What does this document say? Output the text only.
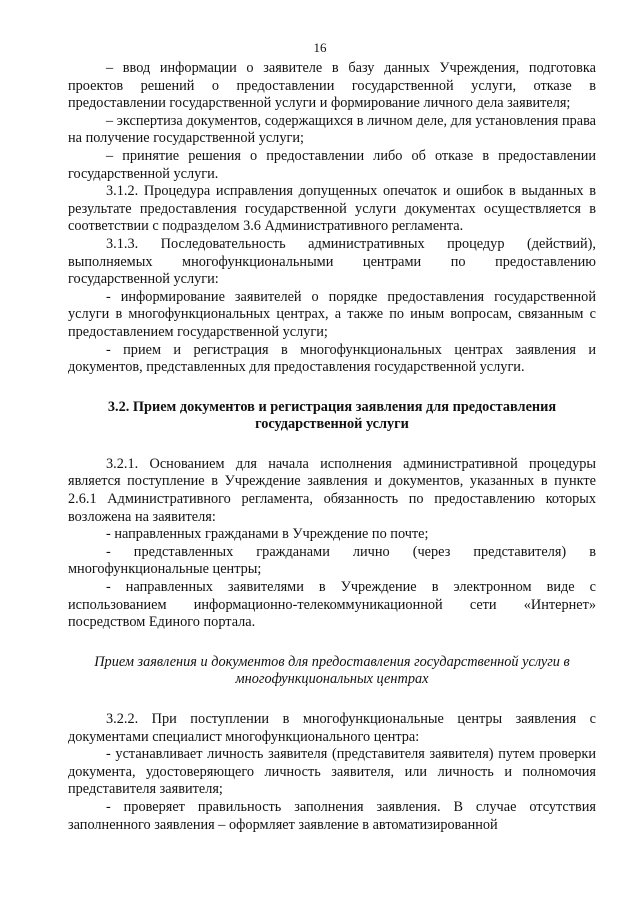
16

– ввод информации о заявителе в базу данных Учреждения, подготовка проектов решений о предоставлении государственной услуги, отказе в предоставлении государственной услуги и формирование личного дела заявителя;

– экспертиза документов, содержащихся в личном деле, для установления права на получение государственной услуги;

– принятие решения о предоставлении либо об отказе в предоставлении государственной услуги.

3.1.2. Процедура исправления допущенных опечаток и ошибок в выданных в результате предоставления государственной услуги документах осуществляется в соответствии с подразделом 3.6 Административного регламента.

3.1.3. Последовательность административных процедур (действий), выполняемых многофункциональными центрами по предоставлению государственной услуги:

- информирование заявителей о порядке предоставления государственной услуги в многофункциональных центрах, а также по иным вопросам, связанным с предоставлением государственной услуги;

- прием и регистрация в многофункциональных центрах заявления и документов, представленных для предоставления государственной услуги.

3.2. Прием документов и регистрация заявления для предоставления государственной услуги

3.2.1. Основанием для начала исполнения административной процедуры является поступление в Учреждение заявления и документов, указанных в пункте 2.6.1 Административного регламента, обязанность по предоставлению которых возложена на заявителя:

- направленных гражданами в Учреждение по почте;

- представленных гражданами лично (через представителя) в многофункциональные центры;

- направленных заявителями в Учреждение в электронном виде с использованием информационно-телекоммуникационной сети «Интернет» посредством Единого портала.

Прием заявления и документов для предоставления государственной услуги в многофункциональных центрах

3.2.2. При поступлении в многофункциональные центры заявления с документами специалист многофункционального центра:

- устанавливает личность заявителя (представителя заявителя) путем проверки документа, удостоверяющего личность заявителя, или личность и полномочия представителя заявителя;

- проверяет правильность заполнения заявления. В случае отсутствия заполненного заявления – оформляет заявление в автоматизированной
